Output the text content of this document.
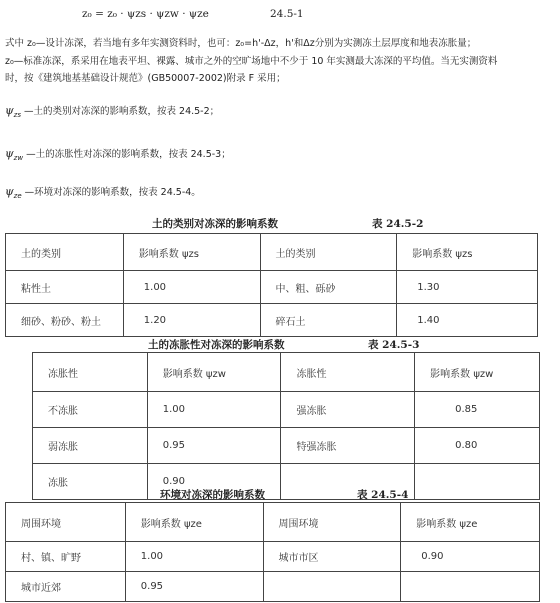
z₀ = z₀ · ψzs · ψzw · ψze	24.5-1
式中 z₀—设计冻深，若当地有多年实测资料时，也可：z₀=h'-Δz，h'和Δz分别为实测冻土层厚度和地表冻胀量；
z₀—标准冻深，系采用在地表平坦、裸露、城市之外的空旷场地中不少于 10 年实测最大冻深的平均值。当无实测资料
时，按《建筑地基基础设计规范》(GB50007-2002)附录 F 采用；
$\psi_{zs}$ —土的类别对冻深的影响系数，按表 24.5-2；
$\psi_{zw}$ —土的冻胀性对冻深的影响系数，按表 24.5-3；
$\psi_{ze}$ —环境对冻深的影响系数，按表 24.5-4。
土的类别对冻深的影响系数	表 24.5-2
土的类别	影响系数 ψzs	土的类别	影响系数 ψzs
粘性土	1.00	中、粗、砾砂	1.30
细砂、粉砂、粉土	1.20	碎石土	1.40
土的冻胀性对冻深的影响系数	表 24.5-3
冻胀性	影响系数 ψzw	冻胀性	影响系数 ψzw
不冻胀	1.00	强冻胀	0.85
弱冻胀	0.95	特强冻胀	0.80
冻胀	0.90		
环境对冻深的影响系数	表 24.5-4
周围环境	影响系数 ψze	周围环境	影响系数 ψze
村、镇、旷野	1.00	城市市区	0.90
城市近郊	0.95		
